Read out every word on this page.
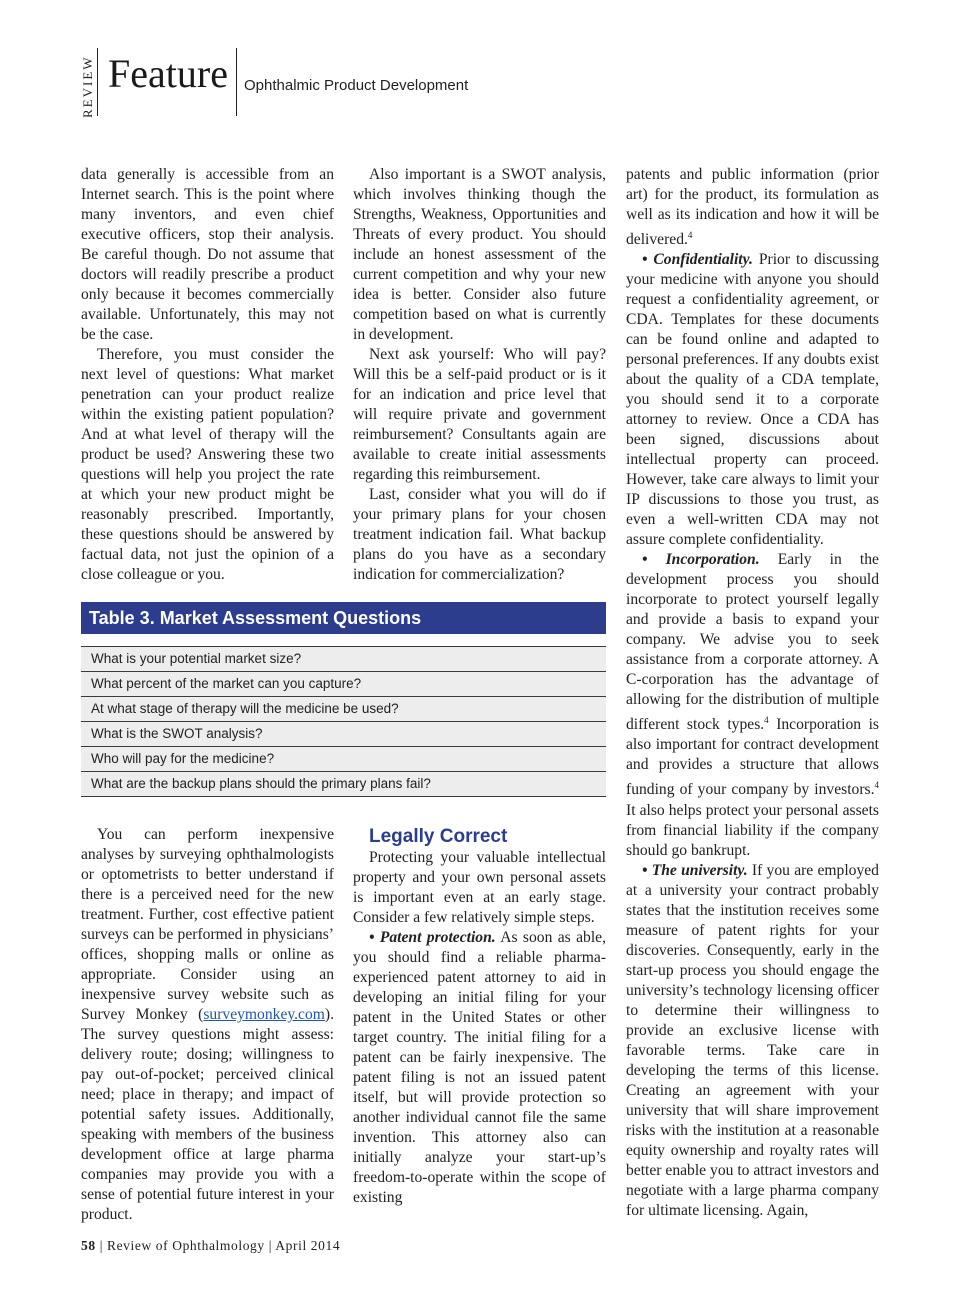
REVIEW Feature Ophthalmic Product Development

data generally is accessible from an Internet search. This is the point where many inventors, and even chief executive officers, stop their analysis. Be careful though. Do not assume that doctors will readily prescribe a product only because it becomes commercially available. Unfortunately, this may not be the case.

Therefore, you must consider the next level of questions: What market penetration can your product realize within the existing patient population? And at what level of therapy will the product be used? Answering these two questions will help you project the rate at which your new product might be reasonably prescribed. Importantly, these questions should be answered by factual data, not just the opinion of a close colleague or you.

Also important is a SWOT analysis, which involves thinking though the Strengths, Weakness, Opportunities and Threats of every product. You should include an honest assessment of the current competition and why your new idea is better. Consider also future competition based on what is currently in development.

Next ask yourself: Who will pay? Will this be a self-paid product or is it for an indication and price level that will require private and government reimbursement? Consultants again are available to create initial assessments regarding this reimbursement.

Last, consider what you will do if your primary plans for your chosen treatment indication fail. What backup plans do you have as a secondary indication for commercialization?

Table 3. Market Assessment Questions
What is your potential market size?
What percent of the market can you capture?
At what stage of therapy will the medicine be used?
What is the SWOT analysis?
Who will pay for the medicine?
What are the backup plans should the primary plans fail?

You can perform inexpensive analyses by surveying ophthalmologists or optometrists to better understand if there is a perceived need for the new treatment. Further, cost effective patient surveys can be performed in physicians’ offices, shopping malls or online as appropriate. Consider using an inexpensive survey website such as Survey Monkey (surveymonkey.com). The survey questions might assess: delivery route; dosing; willingness to pay out-of-pocket; perceived clinical need; place in therapy; and impact of potential safety issues. Additionally, speaking with members of the business development office at large pharma companies may provide you with a sense of potential future interest in your product.

Legally Correct

Protecting your valuable intellectual property and your own personal assets is important even at an early stage. Consider a few relatively simple steps.

• Patent protection. As soon as able, you should find a reliable pharma-experienced patent attorney to aid in developing an initial filing for your patent in the United States or other target country. The initial filing for a patent can be fairly inexpensive. The patent filing is not an issued patent itself, but will provide protection so another individual cannot file the same invention. This attorney also can initially analyze your start-up’s freedom-to-operate within the scope of existing

patents and public information (prior art) for the product, its formulation as well as its indication and how it will be delivered.$^4$

• Confidentiality. Prior to discussing your medicine with anyone you should request a confidentiality agreement, or CDA. Templates for these documents can be found online and adapted to personal preferences. If any doubts exist about the quality of a CDA template, you should send it to a corporate attorney to review. Once a CDA has been signed, discussions about intellectual property can proceed. However, take care always to limit your IP discussions to those you trust, as even a well-written CDA may not assure complete confidentiality.

• Incorporation. Early in the development process you should incorporate to protect yourself legally and provide a basis to expand your company. We advise you to seek assistance from a corporate attorney. A C-corporation has the advantage of allowing for the distribution of multiple different stock types.$^4$ Incorporation is also important for contract development and provides a structure that allows funding of your company by investors.$^4$ It also helps protect your personal assets from financial liability if the company should go bankrupt.

• The university. If you are employed at a university your contract probably states that the institution receives some measure of patent rights for your discoveries. Consequently, early in the start-up process you should engage the university’s technology licensing officer to determine their willingness to provide an exclusive license with favorable terms. Take care in developing the terms of this license. Creating an agreement with your university that will share improvement risks with the institution at a reasonable equity ownership and royalty rates will better enable you to attract investors and negotiate with a large pharma company for ultimate licensing. Again,

58 | Review of Ophthalmology | April 2014
